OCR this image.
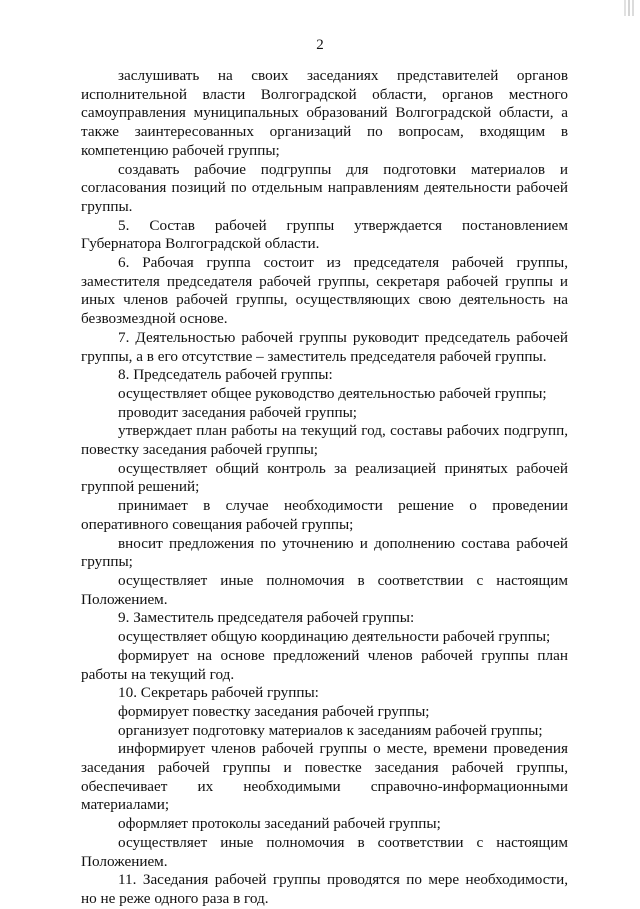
2

заслушивать на своих заседаниях представителей органов исполнительной власти Волгоградской области, органов местного самоуправления муниципальных образований Волгоградской области, а также заинтересованных организаций по вопросам, входящим в компетенцию рабочей группы;

создавать рабочие подгруппы для подготовки материалов и согласования позиций по отдельным направлениям деятельности рабочей группы.

5. Состав рабочей группы утверждается постановлением Губернатора Волгоградской области.

6. Рабочая группа состоит из председателя рабочей группы, заместителя председателя рабочей группы, секретаря рабочей группы и иных членов рабочей группы, осуществляющих свою деятельность на безвозмездной основе.

7. Деятельностью рабочей группы руководит председатель рабочей группы, а в его отсутствие – заместитель председателя рабочей группы.

8. Председатель рабочей группы:

осуществляет общее руководство деятельностью рабочей группы;

проводит заседания рабочей группы;

утверждает план работы на текущий год, составы рабочих подгрупп, повестку заседания рабочей группы;

осуществляет общий контроль за реализацией принятых рабочей группой решений;

принимает в случае необходимости решение о проведении оперативного совещания рабочей группы;

вносит предложения по уточнению и дополнению состава рабочей группы;

осуществляет иные полномочия в соответствии с настоящим Положением.

9. Заместитель председателя рабочей группы:

осуществляет общую координацию деятельности рабочей группы;

формирует на основе предложений членов рабочей группы план работы на текущий год.

10. Секретарь рабочей группы:

формирует повестку заседания рабочей группы;

организует подготовку материалов к заседаниям рабочей группы;

информирует членов рабочей группы о месте, времени проведения заседания рабочей группы и повестке заседания рабочей группы, обеспечивает их необходимыми справочно-информационными материалами;

оформляет протоколы заседаний рабочей группы;

осуществляет иные полномочия в соответствии с настоящим Положением.

11. Заседания рабочей группы проводятся по мере необходимости, но не реже одного раза в год.
